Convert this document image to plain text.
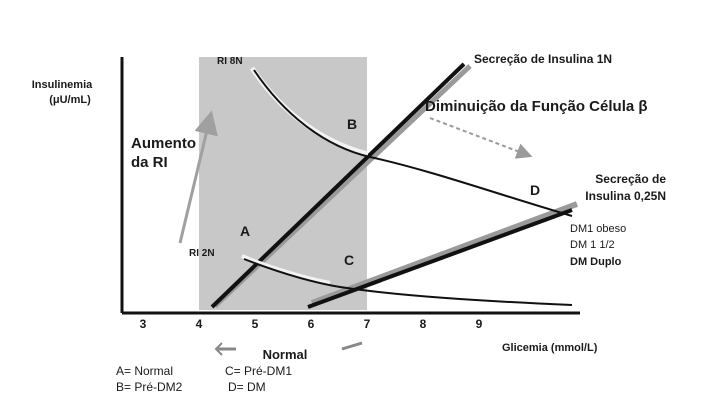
Insulinemia
(μU/mL)
3	4	5	6	7	8	9
Glicemia (mmol/L)
RI 8N
RI 2N
Secreção de Insulina 1N
Secreção de
Insulina 0,25N
Diminuição da Função Célula β
Aumento
da RI
A
B
C
D
DM1 obeso
DM 1 1/2
DM Duplo
Normal
A= Normal	C= Pré-DM1
B= Pré-DM2	D= DM
